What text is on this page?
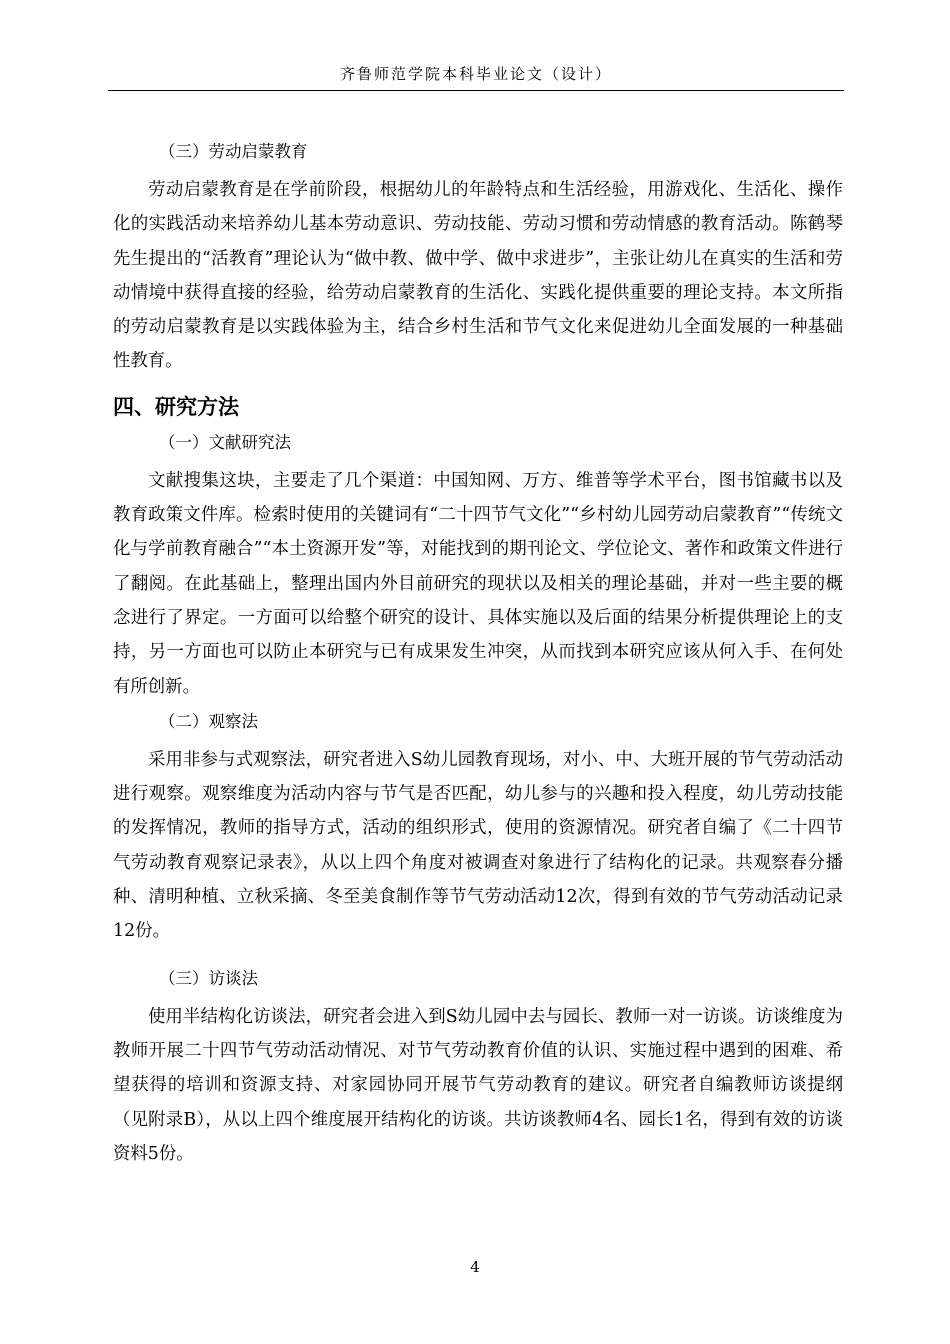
齐鲁师范学院本科毕业论文（设计）

（三）劳动启蒙教育

劳动启蒙教育是在学前阶段，根据幼儿的年龄特点和生活经验，用游戏化、生活化、操作化的实践活动来培养幼儿基本劳动意识、劳动技能、劳动习惯和劳动情感的教育活动。陈鹤琴先生提出的“活教育”理论认为“做中教、做中学、做中求进步”，主张让幼儿在真实的生活和劳动情境中获得直接的经验，给劳动启蒙教育的生活化、实践化提供重要的理论支持。本文所指的劳动启蒙教育是以实践体验为主，结合乡村生活和节气文化来促进幼儿全面发展的一种基础性教育。

四、研究方法

（一）文献研究法

文献搜集这块，主要走了几个渠道：中国知网、万方、维普等学术平台，图书馆藏书以及教育政策文件库。检索时使用的关键词有“二十四节气文化”“乡村幼儿园劳动启蒙教育”“传统文化与学前教育融合”“本土资源开发”等，对能找到的期刊论文、学位论文、著作和政策文件进行了翻阅。在此基础上，整理出国内外目前研究的现状以及相关的理论基础，并对一些主要的概念进行了界定。一方面可以给整个研究的设计、具体实施以及后面的结果分析提供理论上的支持，另一方面也可以防止本研究与已有成果发生冲突，从而找到本研究应该从何入手、在何处有所创新。

（二）观察法

采用非参与式观察法，研究者进入S幼儿园教育现场，对小、中、大班开展的节气劳动活动进行观察。观察维度为活动内容与节气是否匹配，幼儿参与的兴趣和投入程度，幼儿劳动技能的发挥情况，教师的指导方式，活动的组织形式，使用的资源情况。研究者自编了《二十四节气劳动教育观察记录表》，从以上四个角度对被调查对象进行了结构化的记录。共观察春分播种、清明种植、立秋采摘、冬至美食制作等节气劳动活动12次，得到有效的节气劳动活动记录12份。

（三）访谈法

使用半结构化访谈法，研究者会进入到S幼儿园中去与园长、教师一对一访谈。访谈维度为教师开展二十四节气劳动活动情况、对节气劳动教育价值的认识、实施过程中遇到的困难、希望获得的培训和资源支持、对家园协同开展节气劳动教育的建议。研究者自编教师访谈提纲（见附录B），从以上四个维度展开结构化的访谈。共访谈教师4名、园长1名，得到有效的访谈资料5份。

4
